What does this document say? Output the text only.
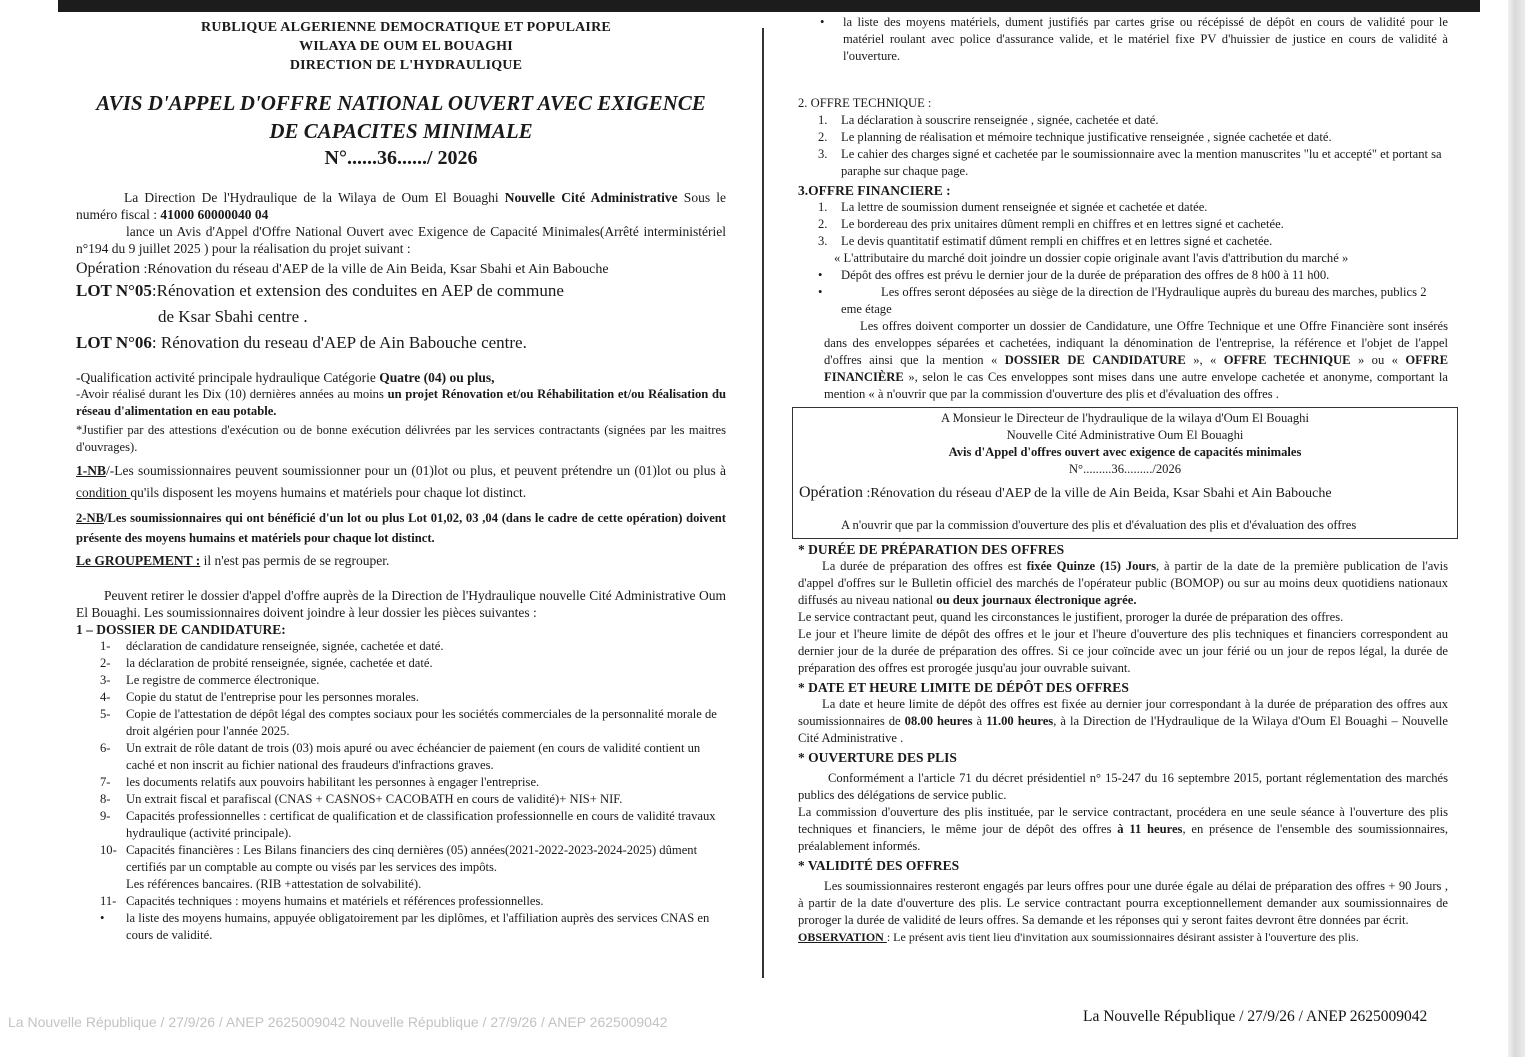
RUBLIQUE ALGERIENNE DEMOCRATIQUE ET POPULAIRE

WILAYA DE OUM EL BOUAGHI

DIRECTION DE L'HYDRAULIQUE

AVIS D'APPEL D'OFFRE NATIONAL OUVERT AVEC EXIGENCE
DE CAPACITES MINIMALE

N°......36....../ 2026

La Direction De l'Hydraulique de la Wilaya de Oum El Bouaghi Nouvelle Cité Administrative Sous le numéro fiscal : 41000 60000040 04

lance un Avis d'Appel d'Offre National Ouvert avec Exigence de Capacité Minimales(Arrêté interministériel n°194 du 9 juillet 2025 ) pour la réalisation du projet suivant :

Opération :Rénovation du réseau d'AEP de la ville de Ain Beida, Ksar Sbahi et Ain Babouche

LOT N°05:Rénovation et extension des conduites en AEP de commune

de Ksar Sbahi centre .

LOT N°06: Rénovation du reseau d'AEP de Ain Babouche centre.

-Qualification activité principale hydraulique Catégorie Quatre (04) ou plus,

-Avoir réalisé durant les Dix (10) dernières années au moins un projet Rénovation et/ou Réhabilitation et/ou Réalisation du réseau d'alimentation en eau potable.

*Justifier par des attestions d'exécution ou de bonne exécution délivrées par les services contractants (signées par les maitres d'ouvrages).

1-NB/-Les soumissionnaires peuvent soumissionner pour un (01)lot ou plus, et peuvent prétendre un (01)lot ou plus à condition qu'ils disposent les moyens humains et matériels pour chaque lot distinct.

2-NB/Les soumissionnaires qui ont bénéficié d'un lot ou plus Lot 01,02, 03 ,04 (dans le cadre de cette opération) doivent présente des moyens humains et matériels pour chaque lot distinct.

Le GROUPEMENT : il n'est pas permis de se regrouper.

Peuvent retirer le dossier d'appel d'offre auprès de la Direction de l'Hydraulique nouvelle Cité Administrative Oum El Bouaghi. Les soumissionnaires doivent joindre à leur dossier les pièces suivantes :

1 – DOSSIER DE CANDIDATURE:

1- déclaration de candidature renseignée, signée, cachetée et daté.
2- la déclaration de probité renseignée, signée, cachetée et daté.
3- Le registre de commerce électronique.
4- Copie du statut de l'entreprise pour les personnes morales.
5- Copie de l'attestation de dépôt légal des comptes sociaux pour les sociétés commerciales de la personnalité morale de droit algérien pour l'année 2025.
6- Un extrait de rôle datant de trois (03) mois apuré ou avec échéancier de paiement (en cours de validité contient un caché et non inscrit au fichier national des fraudeurs d'infractions graves.
7- les documents relatifs aux pouvoirs habilitant les personnes à engager l'entreprise.
8- Un extrait fiscal et parafiscal (CNAS + CASNOS+ CACOBATH en cours de validité)+ NIS+ NIF.
9- Capacités professionnelles : certificat de qualification et de classification professionnelle en cours de validité travaux hydraulique (activité principale).
10- Capacités financières : Les Bilans financiers des cinq dernières (05) années(2021-2022-2023-2024-2025) dûment certifiés par un comptable au compte ou visés par les services des impôts.

Les références bancaires. (RIB +attestation de solvabilité).

11- Capacités techniques : moyens humains et matériels et références professionnelles.
• la liste des moyens humains, appuyée obligatoirement par les diplômes, et l'affiliation auprès des services CNAS en cours de validité.
• la liste des moyens matériels, dument justifiés par cartes grise ou récépissé de dépôt en cours de validité pour le matériel roulant avec police d'assurance valide, et le matériel fixe PV d'huissier de justice en cours de validité à l'ouverture.

2. OFFRE TECHNIQUE :

1. La déclaration à souscrire renseignée , signée, cachetée et daté.
2. Le planning de réalisation et mémoire technique justificative renseignée , signée cachetée et daté.
3. Le cahier des charges signé et cachetée par le soumissionnaire avec la mention manuscrites "lu et accepté" et portant sa paraphe sur chaque page.

3.OFFRE FINANCIERE :

1. La lettre de soumission dument renseignée et signée et cachetée et datée.
2. Le bordereau des prix unitaires dûment rempli en chiffres et en lettres signé et cachetée.
3. Le devis quantitatif estimatif dûment rempli en chiffres et en lettres signé et cachetée.

« L'attributaire du marché doit joindre un dossier copie originale avant l'avis d'attribution du marché »

• Dépôt des offres est prévu le dernier jour de la durée de préparation des offres de 8 h00 à 11 h00.
•	Les offres seront déposées au siège de la direction de l'Hydraulique auprès du bureau des marches, publics 2 eme étage

Les offres doivent comporter un dossier de Candidature, une Offre Technique et une Offre Financière sont insérés dans des enveloppes séparées et cachetées, indiquant la dénomination de l'entreprise, la référence et l'objet de l'appel d'offres ainsi que la mention « DOSSIER DE CANDIDATURE », « OFFRE TECHNIQUE » ou « OFFRE FINANCIÈRE », selon le cas Ces enveloppes sont mises dans une autre envelope cachetée et anonyme, comportant la mention « à n'ouvrir que par la commission d'ouverture des plis et d'évaluation des offres .

A Monsieur le Directeur de l'hydraulique de la wilaya d'Oum El Bouaghi

Nouvelle Cité Administrative Oum El Bouaghi

Avis d'Appel d'offres ouvert avec exigence de capacités minimales

N°.........36........./2026

Opération :Rénovation du réseau d'AEP de la ville de Ain Beida, Ksar Sbahi et Ain Babouche

A n'ouvrir que par la commission d'ouverture des plis et d'évaluation des plis et d'évaluation des offres

* DURÉE DE PRÉPARATION DES OFFRES

La durée de préparation des offres est fixée Quinze (15) Jours, à partir de la date de la première publication de l'avis d'appel d'offres sur le Bulletin officiel des marchés de l'opérateur public (BOMOP) ou sur au moins deux quotidiens nationaux diffusés au niveau national ou deux journaux électronique agrée.

Le service contractant peut, quand les circonstances le justifient, proroger la durée de préparation des offres.

Le jour et l'heure limite de dépôt des offres et le jour et l'heure d'ouverture des plis techniques et financiers correspondent au dernier jour de la durée de préparation des offres. Si ce jour coïncide avec un jour férié ou un jour de repos légal, la durée de préparation des offres est prorogée jusqu'au jour ouvrable suivant.

* DATE ET HEURE LIMITE DE DÉPÔT DES OFFRES

La date et heure limite de dépôt des offres est fixée au dernier jour correspondant à la durée de préparation des offres aux soumissionnaires de 08.00 heures à 11.00 heures, à la Direction de l'Hydraulique de la Wilaya d'Oum El Bouaghi – Nouvelle Cité Administrative .

* OUVERTURE DES PLIS

Conformément a l'article 71 du décret présidentiel n° 15-247 du 16 septembre 2015, portant réglementation des marchés publics des délégations de service public.

La commission d'ouverture des plis instituée, par le service contractant, procédera en une seule séance à l'ouverture des plis techniques et financiers, le même jour de dépôt des offres à 11 heures, en présence de l'ensemble des soumissionnaires, préalablement informés.

* VALIDITÉ DES OFFRES

Les soumissionnaires resteront engagés par leurs offres pour une durée égale au délai de préparation des offres + 90 Jours , à partir de la date d'ouverture des plis. Le service contractant pourra exceptionnellement demander aux soumissionnaires de proroger la durée de validité de leurs offres. Sa demande et les réponses qui y seront faites devront être données par écrit.

OBSERVATION : Le présent avis tient lieu d'invitation aux soumissionnaires désirant assister à l'ouverture des plis.

La Nouvelle République / 27/9/26 / ANEP 2625009042 Nouvelle République / 27/9/26 / ANEP 2625009042	La Nouvelle République / 27/9/26 / ANEP 2625009042
